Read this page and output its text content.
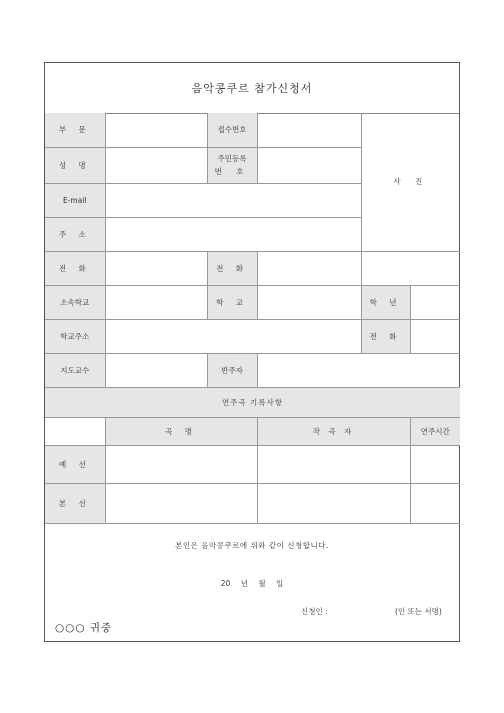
음악콩쿠르 참가신청서
부 문		접수번호		사 진	
성 명		주민등록
번 호			

E-mail					
주 소					
전 화		전 화			
소속학교		학 교		학 년	
학교주소				전 화	
지도교수		반주자			
연주곡 기록사항					
	곡 명		작 곡 자		연주시간
예 선					
본 선					
본인은 음악콩쿠르에 위와 같이 신청합니다.
20 년 월 일
신청인 :	(인 또는 서명)
○○○ 귀중
